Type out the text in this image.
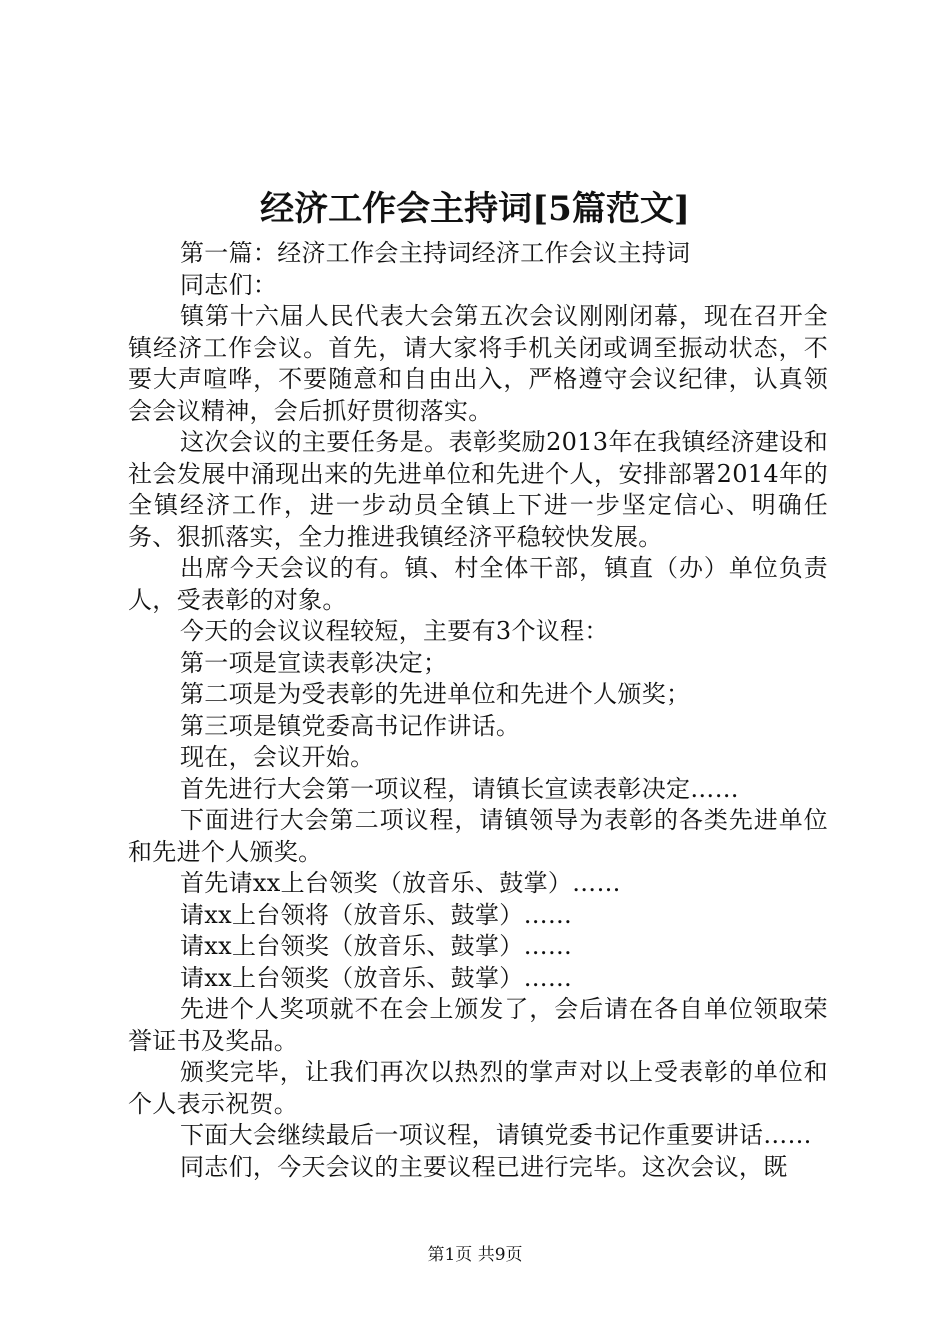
经济工作会主持词[5篇范文]

第一篇：经济工作会主持词经济工作会议主持词

同志们：

镇第十六届人民代表大会第五次会议刚刚闭幕，现在召开全镇经济工作会议。首先，请大家将手机关闭或调至振动状态，不要大声喧哗，不要随意和自由出入，严格遵守会议纪律，认真领会会议精神，会后抓好贯彻落实。

这次会议的主要任务是。表彰奖励2013年在我镇经济建设和社会发展中涌现出来的先进单位和先进个人，安排部署2014年的全镇经济工作，进一步动员全镇上下进一步坚定信心、明确任务、狠抓落实，全力推进我镇经济平稳较快发展。

出席今天会议的有。镇、村全体干部，镇直（办）单位负责人，受表彰的对象。

今天的会议议程较短，主要有3个议程：

第一项是宣读表彰决定；

第二项是为受表彰的先进单位和先进个人颁奖；

第三项是镇党委高书记作讲话。

现在，会议开始。

首先进行大会第一项议程，请镇长宣读表彰决定……

下面进行大会第二项议程，请镇领导为表彰的各类先进单位和先进个人颁奖。

首先请xx上台领奖（放音乐、鼓掌）……

请xx上台领将（放音乐、鼓掌）……

请xx上台领奖（放音乐、鼓掌）……

请xx上台领奖（放音乐、鼓掌）……

先进个人奖项就不在会上颁发了，会后请在各自单位领取荣誉证书及奖品。

颁奖完毕，让我们再次以热烈的掌声对以上受表彰的单位和个人表示祝贺。

下面大会继续最后一项议程，请镇党委书记作重要讲话……

同志们，今天会议的主要议程已进行完毕。这次会议，既

第1页 共9页
